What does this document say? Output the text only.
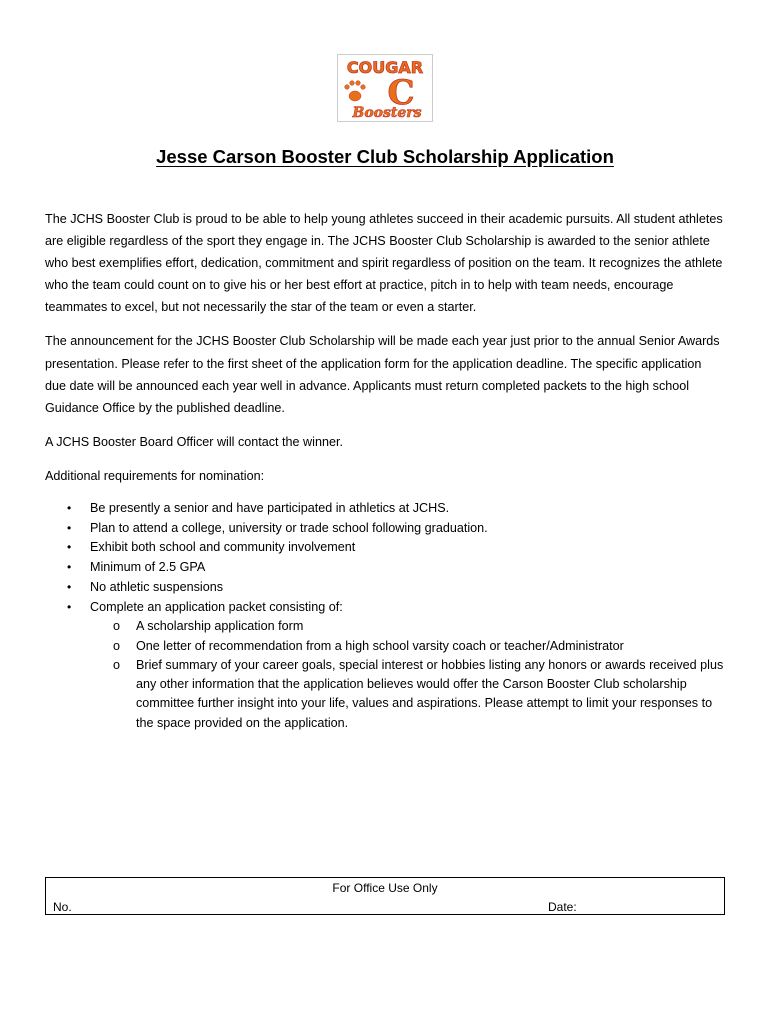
COUGAR
C
Boosters
Jesse Carson Booster Club Scholarship Application

The JCHS Booster Club is proud to be able to help young athletes succeed in their academic pursuits. All student athletes are eligible regardless of the sport they engage in. The JCHS Booster Club Scholarship is awarded to the senior athlete who best exemplifies effort, dedication, commitment and spirit regardless of position on the team. It recognizes the athlete who the team could count on to give his or her best effort at practice, pitch in to help with team needs, encourage teammates to excel, but not necessarily the star of the team or even a starter.

The announcement for the JCHS Booster Club Scholarship will be made each year just prior to the annual Senior Awards presentation. Please refer to the first sheet of the application form for the application deadline. The specific application due date will be announced each year well in advance. Applicants must return completed packets to the high school Guidance Office by the published deadline.

A JCHS Booster Board Officer will contact the winner.

Additional requirements for nomination:

• Be presently a senior and have participated in athletics at JCHS.
• Plan to attend a college, university or trade school following graduation.
• Exhibit both school and community involvement
• Minimum of 2.5 GPA
• No athletic suspensions
• Complete an application packet consisting of:
o A scholarship application form
o One letter of recommendation from a high school varsity coach or teacher/Administrator
o Brief summary of your career goals, special interest or hobbies listing any honors or awards received plus any other information that the application believes would offer the Carson Booster Club scholarship committee further insight into your life, values and aspirations. Please attempt to limit your responses to the space provided on the application.
For Office Use Only
No.	Date:
